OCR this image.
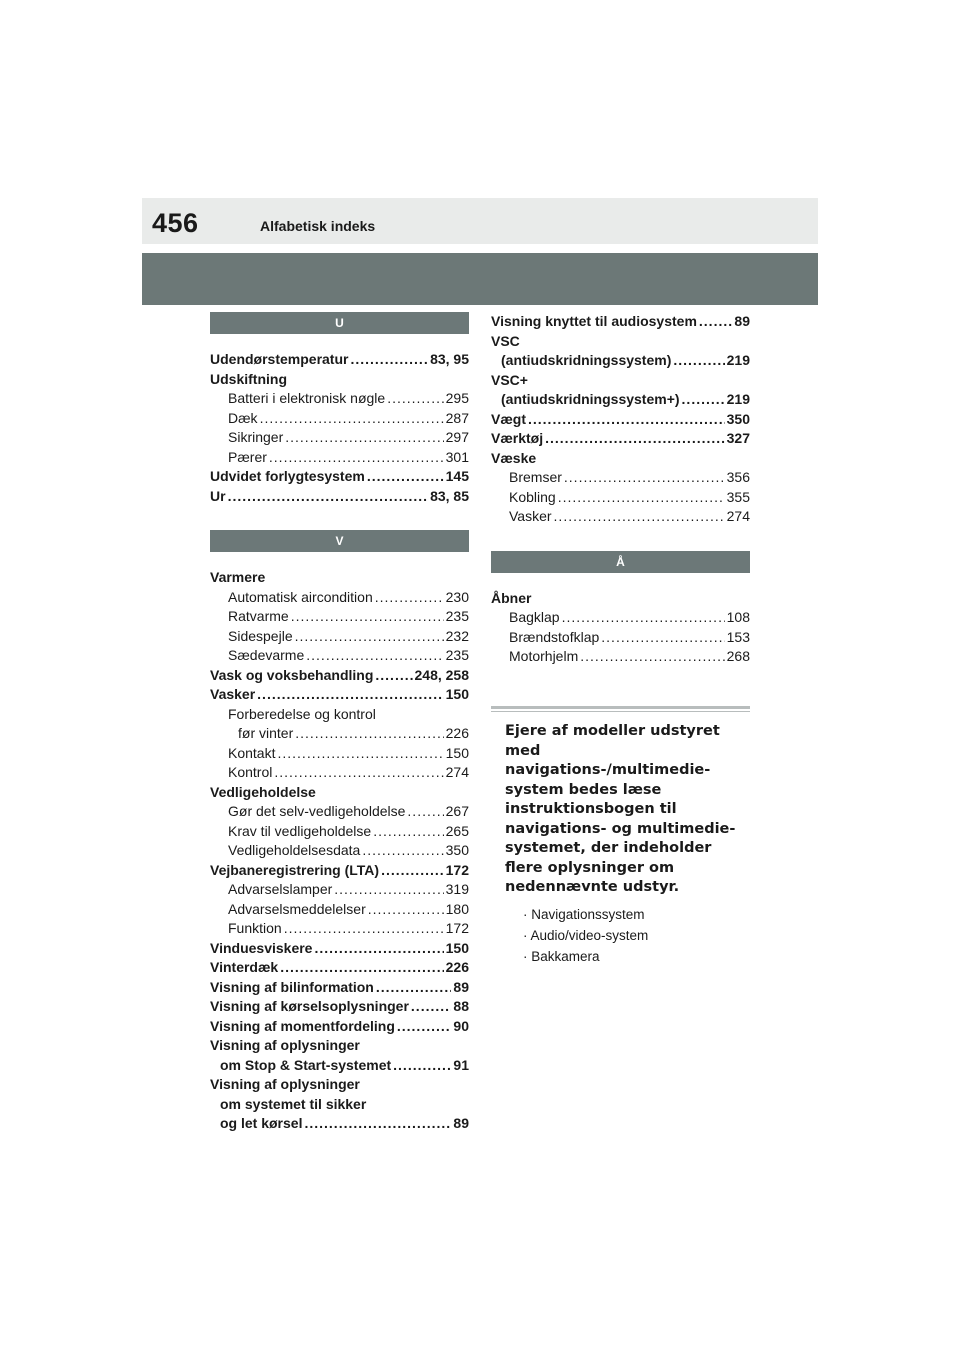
456	Alfabetisk indeks
U
Udendørstemperatur .....	83, 95
Udskiftning
Batteri i elektronisk nøgle .....	295
Dæk .....	287
Sikringer .....	297
Pærer .....	301
Udvidet forlygtesystem .....	145
Ur .....	83, 85
V
Varmere
Automatisk aircondition .....	230
Ratvarme .....	235
Sidespejle .....	232
Sædevarme .....	235
Vask og voksbehandling .....	248, 258
Vasker .....	150
Forberedelse og kontrol
før vinter .....	226
Kontakt .....	150
Kontrol .....	274
Vedligeholdelse
Gør det selv-vedligeholdelse .....	267
Krav til vedligeholdelse .....	265
Vedligeholdelsesdata .....	350
Vejbaneregistrering (LTA) .....	172
Advarselslamper .....	319
Advarselsmeddelelser .....	180
Funktion .....	172
Vinduesviskere .....	150
Vinterdæk .....	226
Visning af bilinformation .....	89
Visning af kørselsoplysninger .....	88
Visning af momentfordeling .....	90
Visning af oplysninger
om Stop & Start-systemet .....	91
Visning af oplysninger
om systemet til sikker
og let kørsel .....	89
Visning knyttet til audiosystem .....	89
VSC
(antiudskridningssystem) .....	219
VSC+
(antiudskridningssystem+) .....	219
Vægt .....	350
Værktøj .....	327
Væske
Bremser .....	356
Kobling .....	355
Vasker .....	274
Å
Åbner
Bagklap .....	108
Brændstofklap .....	153
Motorhjelm .....	268
Ejere af modeller udstyret med navigations-/multimedie-system bedes læse instruktionsbogen til navigations- og multimedie-systemet, der indeholder flere oplysninger om nedennævnte udstyr.
· Navigationssystem
· Audio/video-system
· Bakkamera
